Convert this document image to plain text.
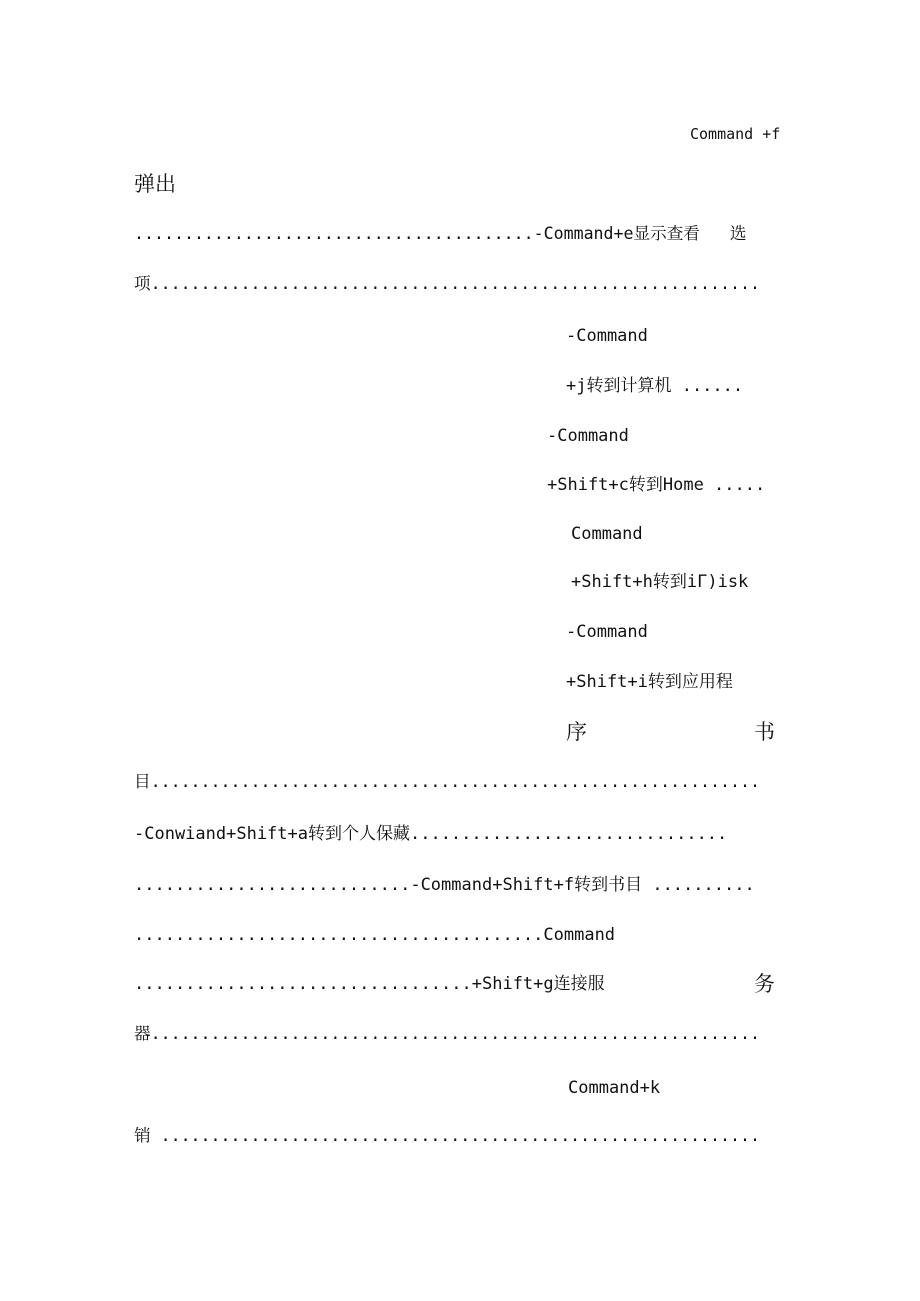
Command +f
弹出
........................................-Command+e显示查看   选
项.............................................................
-Command
+j转到计算机 ......
-Command
+Shift+c转到Home .....
Command
+Shift+h转到iΓ)isk
-Command
+Shift+i转到应用程
序	书
目.............................................................
-Conwiand+Shift+a转到个人保藏...............................
...........................-Command+Shift+f转到书目 ..........
........................................Command
.................................+Shift+g连接服	务
器.............................................................
Command+k
销 ............................................................
